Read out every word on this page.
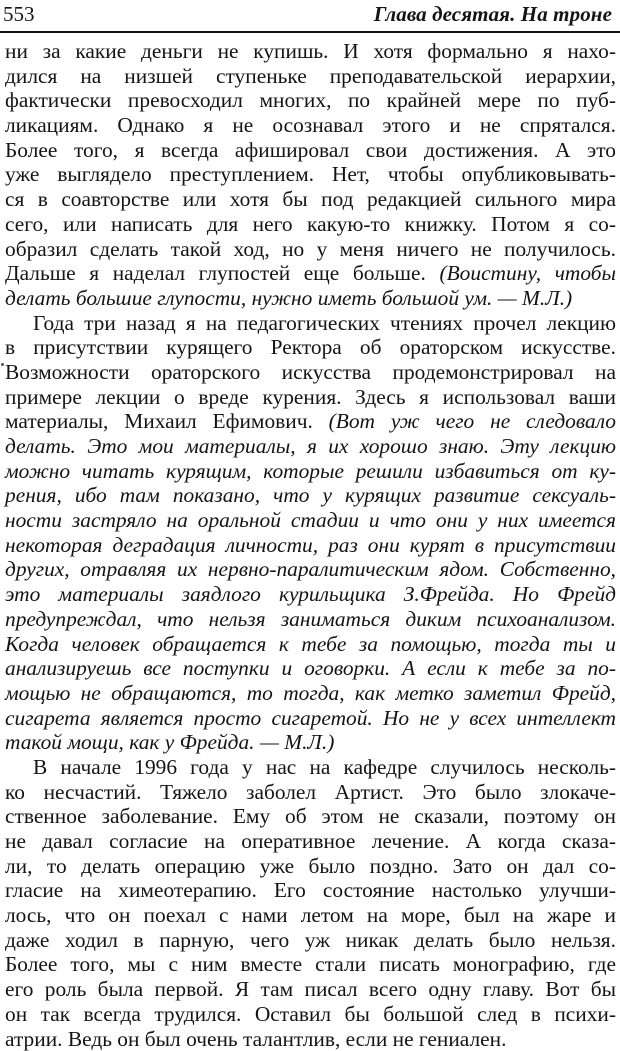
553	Глава десятая. На троне
ни за какие деньги не купишь. И хотя формально я нахо-
дился на низшей ступеньке преподавательской иерархии,
фактически превосходил многих, по крайней мере по пуб-
ликациям. Однако я не осознавал этого и не спрятался.
Более того, я всегда афишировал свои достижения. А это
уже выглядело преступлением. Нет, чтобы опубликовывать-
ся в соавторстве или хотя бы под редакцией сильного мира
сего, или написать для него какую-то книжку. Потом я со-
образил сделать такой ход, но у меня ничего не получилось.
Дальше я наделал глупостей еще больше. (Воистину, чтобы
делать большие глупости, нужно иметь большой ум. — М.Л.)
Года три назад я на педагогических чтениях прочел лекцию
в присутствии курящего Ректора об ораторском искусстве.
Возможности ораторского искусства продемонстрировал на
примере лекции о вреде курения. Здесь я использовал ваши
материалы, Михаил Ефимович. (Вот уж чего не следовало
делать. Это мои материалы, я их хорошо знаю. Эту лекцию
можно читать курящим, которые решили избавиться от ку-
рения, ибо там показано, что у курящих развитие сексуаль-
ности застряло на оральной стадии и что они у них имеется
некоторая деградация личности, раз они курят в присутствии
других, отравляя их нервно-паралитическим ядом. Собственно,
это материалы заядлого курильщика З.Фрейда. Но Фрейд
предупреждал, что нельзя заниматься диким психоанализом.
Когда человек обращается к тебе за помощью, тогда ты и
анализируешь все поступки и оговорки. А если к тебе за по-
мощью не обращаются, то тогда, как метко заметил Фрейд,
сигарета является просто сигаретой. Но не у всех интеллект
такой мощи, как у Фрейда. — М.Л.)
В начале 1996 года у нас на кафедре случилось несколь-
ко несчастий. Тяжело заболел Артист. Это было злокаче-
ственное заболевание. Ему об этом не сказали, поэтому он
не давал согласие на оперативное лечение. А когда сказа-
ли, то делать операцию уже было поздно. Зато он дал со-
гласие на химеотерапию. Его состояние настолько улучши-
лось, что он поехал с нами летом на море, был на жаре и
даже ходил в парную, чего уж никак делать было нельзя.
Более того, мы с ним вместе стали писать монографию, где
его роль была первой. Я там писал всего одну главу. Вот бы
он так всегда трудился. Оставил бы большой след в психи-
атрии. Ведь он был очень талантлив, если не гениален.
